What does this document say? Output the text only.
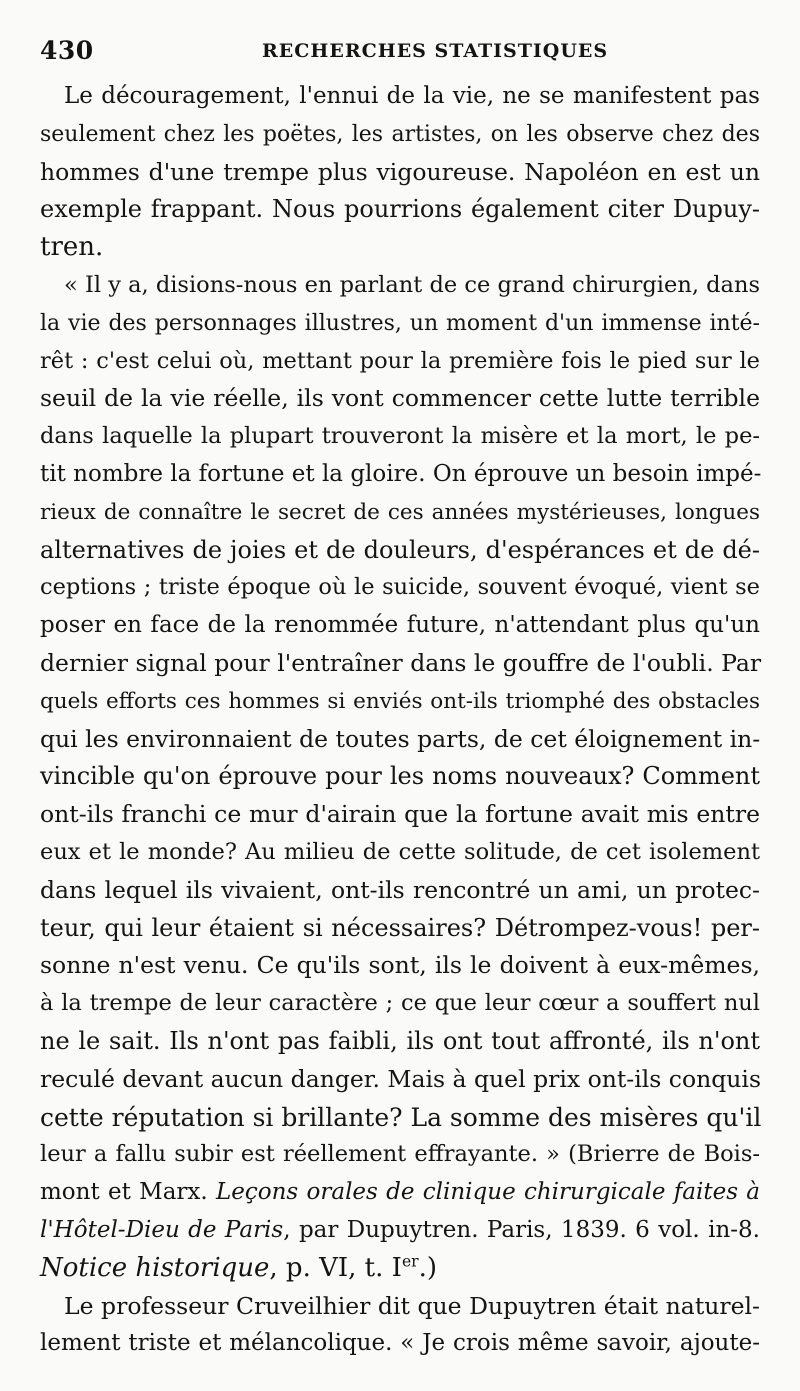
430	RECHERCHES STATISTIQUES
Le découragement, l'ennui de la vie, ne se manifestent pas
seulement chez les poëtes, les artistes, on les observe chez des
hommes d'une trempe plus vigoureuse. Napoléon en est un
exemple frappant. Nous pourrions également citer Dupuy-
tren.
« Il y a, disions-nous en parlant de ce grand chirurgien, dans
la vie des personnages illustres, un moment d'un immense inté-
rêt : c'est celui où, mettant pour la première fois le pied sur le
seuil de la vie réelle, ils vont commencer cette lutte terrible
dans laquelle la plupart trouveront la misère et la mort, le pe-
tit nombre la fortune et la gloire. On éprouve un besoin impé-
rieux de connaître le secret de ces années mystérieuses, longues
alternatives de joies et de douleurs, d'espérances et de dé-
ceptions ; triste époque où le suicide, souvent évoqué, vient se
poser en face de la renommée future, n'attendant plus qu'un
dernier signal pour l'entraîner dans le gouffre de l'oubli. Par
quels efforts ces hommes si enviés ont-ils triomphé des obstacles
qui les environnaient de toutes parts, de cet éloignement in-
vincible qu'on éprouve pour les noms nouveaux? Comment
ont-ils franchi ce mur d'airain que la fortune avait mis entre
eux et le monde? Au milieu de cette solitude, de cet isolement
dans lequel ils vivaient, ont-ils rencontré un ami, un protec-
teur, qui leur étaient si nécessaires? Détrompez-vous! per-
sonne n'est venu. Ce qu'ils sont, ils le doivent à eux-mêmes,
à la trempe de leur caractère ; ce que leur cœur a souffert nul
ne le sait. Ils n'ont pas faibli, ils ont tout affronté, ils n'ont
reculé devant aucun danger. Mais à quel prix ont-ils conquis
cette réputation si brillante? La somme des misères qu'il
leur a fallu subir est réellement effrayante. » (Brierre de Bois-
mont et Marx. Leçons orales de clinique chirurgicale faites à
l'Hôtel-Dieu de Paris, par Dupuytren. Paris, 1839. 6 vol. in-8.
Notice historique, p. VI, t. Ier.)
Le professeur Cruveilhier dit que Dupuytren était naturel-
lement triste et mélancolique. « Je crois même savoir, ajoute-
